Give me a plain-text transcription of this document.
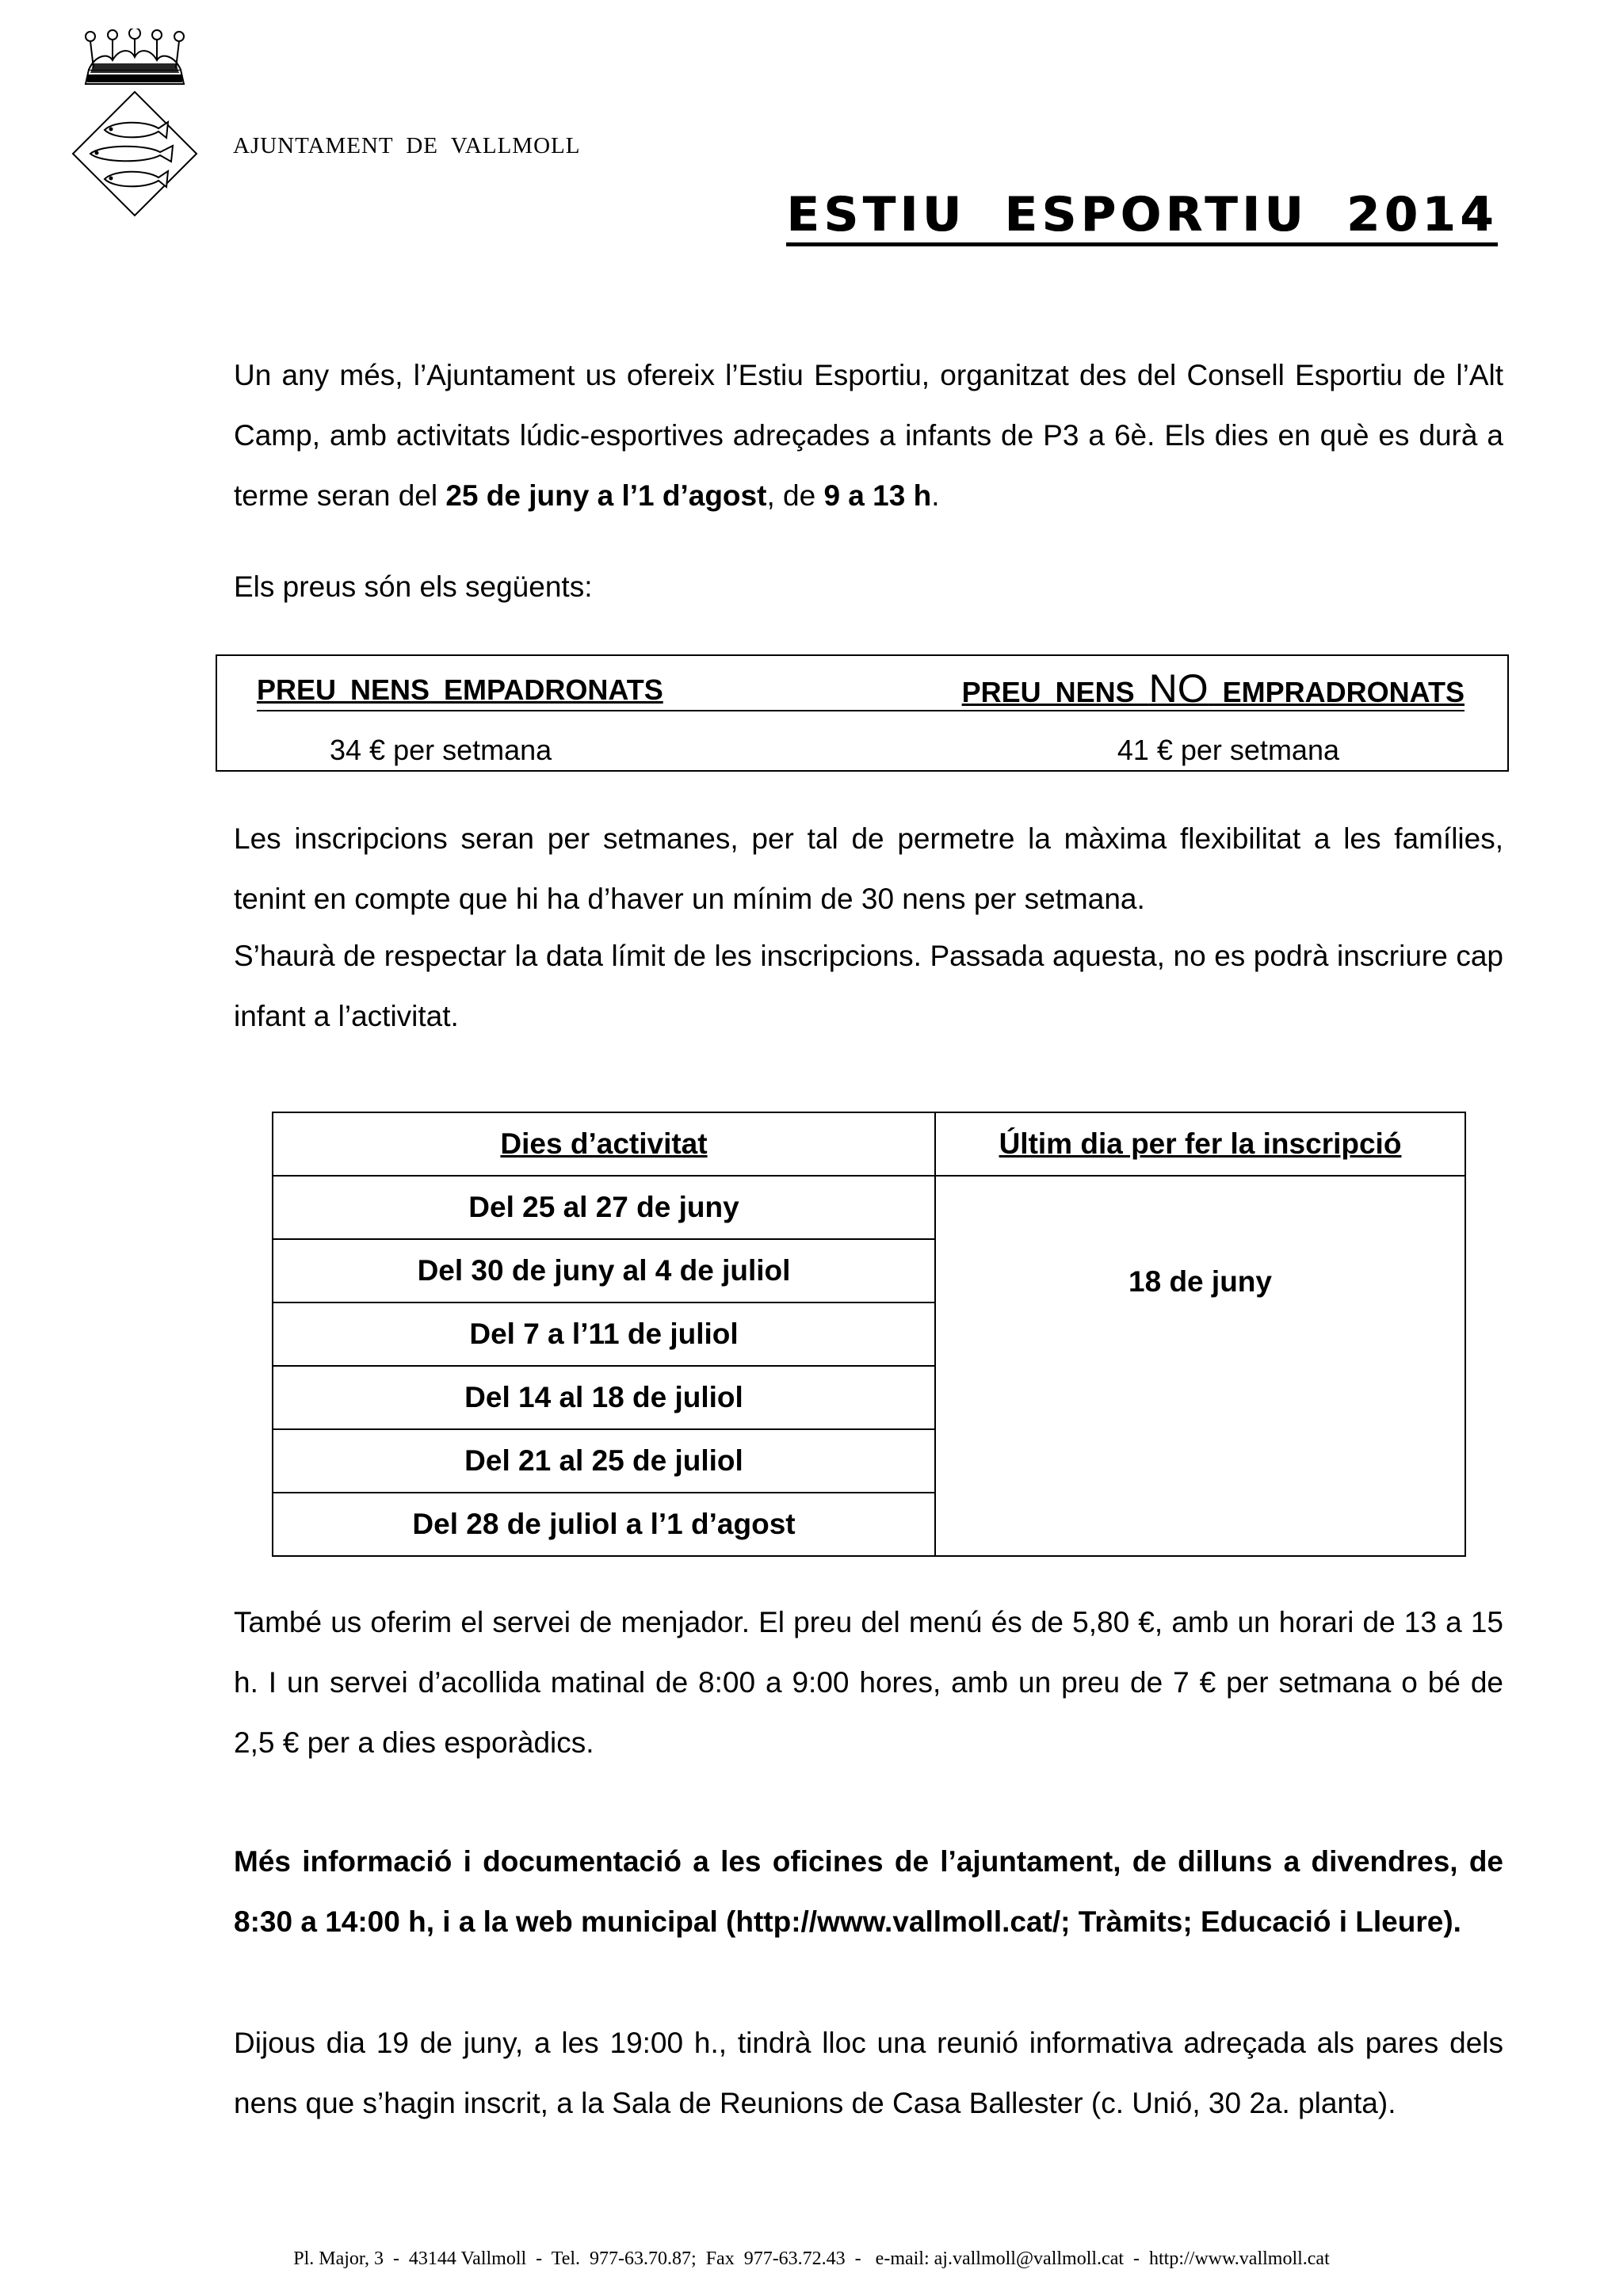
AJUNTAMENT DE VALLMOLL
ESTIU ESPORTIU 2014
Un any més, l’Ajuntament us ofereix l’Estiu Esportiu, organitzat des del Consell Esportiu de l’Alt Camp, amb activitats lúdic-esportives adreçades a infants de P3 a 6è. Els dies en què es durà a terme seran del 25 de juny a l’1 d’agost, de 9 a 13 h.
Els preus són els següents:
PREU NENS EMPADRONATS	PREU NENS NO EMPRADRONATS
34 € per setmana	41 € per setmana
Les inscripcions seran per setmanes, per tal de permetre la màxima flexibilitat a les famílies, tenint en compte que hi ha d’haver un mínim de 30 nens per setmana.
S’haurà de respectar la data límit de les inscripcions. Passada aquesta, no es podrà inscriure cap infant a l’activitat.
Dies d’activitat	Últim dia per fer la inscripció
Del 25 al 27 de juny	18 de juny
Del 30 de juny al 4 de juliol	
Del 7 a l’11 de juliol	
Del 14 al 18 de juliol	
Del 21 al 25 de juliol	
Del 28 de juliol a l’1 d’agost	
També us oferim el servei de menjador. El preu del menú és de 5,80 €, amb un horari de 13 a 15 h. I un servei d’acollida matinal de 8:00 a 9:00 hores, amb un preu de 7 € per setmana o bé de 2,5 € per a dies esporàdics.
Més informació i documentació a les oficines de l’ajuntament, de dilluns a divendres, de 8:30 a 14:00 h, i a la web municipal (http://www.vallmoll.cat/; Tràmits; Educació i Lleure).
Dijous dia 19 de juny, a les 19:00 h., tindrà lloc una reunió informativa adreçada als pares dels nens que s’hagin inscrit, a la Sala de Reunions de Casa Ballester (c. Unió, 30 2a. planta).
Pl. Major, 3  -  43144 Vallmoll  -  Tel.  977-63.70.87;  Fax  977-63.72.43  -   e-mail: aj.vallmoll@vallmoll.cat  -  http://www.vallmoll.cat
